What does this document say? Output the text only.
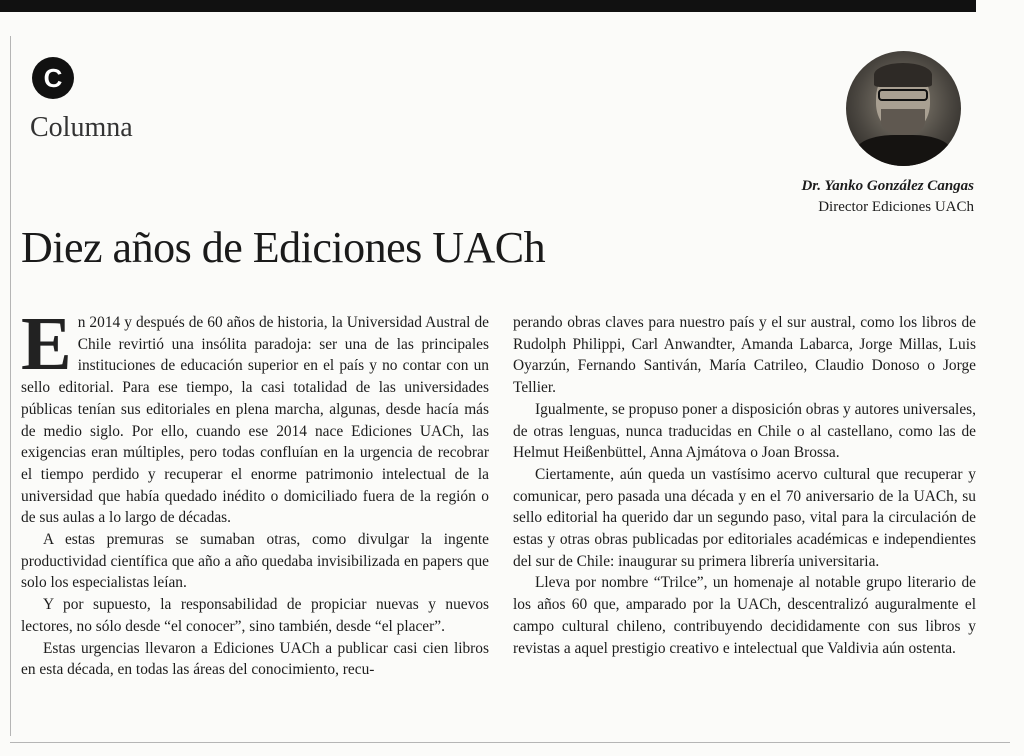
C
Columna
Dr. Yanko González Cangas
Director Ediciones UACh
Diez años de Ediciones UACh

En 2014 y después de 60 años de historia, la Universidad Austral de Chile revirtió una insólita paradoja: ser una de las principales instituciones de educación superior en el país y no contar con un sello editorial. Para ese tiempo, la casi totalidad de las universidades públicas tenían sus editoriales en plena marcha, algunas, desde hacía más de medio siglo. Por ello, cuando ese 2014 nace Ediciones UACh, las exigencias eran múltiples, pero todas confluían en la urgencia de recobrar el tiempo perdido y recuperar el enorme patrimonio intelectual de la universidad que había quedado inédito o domiciliado fuera de la región o de sus aulas a lo largo de décadas.

A estas premuras se sumaban otras, como divulgar la ingente productividad científica que año a año quedaba invisibilizada en papers que solo los especialistas leían.

Y por supuesto, la responsabilidad de propiciar nuevas y nuevos lectores, no sólo desde “el conocer”, sino también, desde “el placer”.

Estas urgencias llevaron a Ediciones UACh a publicar casi cien libros en esta década, en todas las áreas del conocimiento, recu-

perando obras claves para nuestro país y el sur austral, como los libros de Rudolph Philippi, Carl Anwandter, Amanda Labarca, Jorge Millas, Luis Oyarzún, Fernando Santiván, María Catrileo, Claudio Donoso o Jorge Tellier.

Igualmente, se propuso poner a disposición obras y autores universales, de otras lenguas, nunca traducidas en Chile o al castellano, como las de Helmut Heißenbüttel, Anna Ajmátova o Joan Brossa.

Ciertamente, aún queda un vastísimo acervo cultural que recuperar y comunicar, pero pasada una década y en el 70 aniversario de la UACh, su sello editorial ha querido dar un segundo paso, vital para la circulación de estas y otras obras publicadas por editoriales académicas e independientes del sur de Chile: inaugurar su primera librería universitaria.

Lleva por nombre “Trilce”, un homenaje al notable grupo literario de los años 60 que, amparado por la UACh, descentralizó auguralmente el campo cultural chileno, contribuyendo decididamente con sus libros y revistas a aquel prestigio creativo e intelectual que Valdivia aún ostenta.
